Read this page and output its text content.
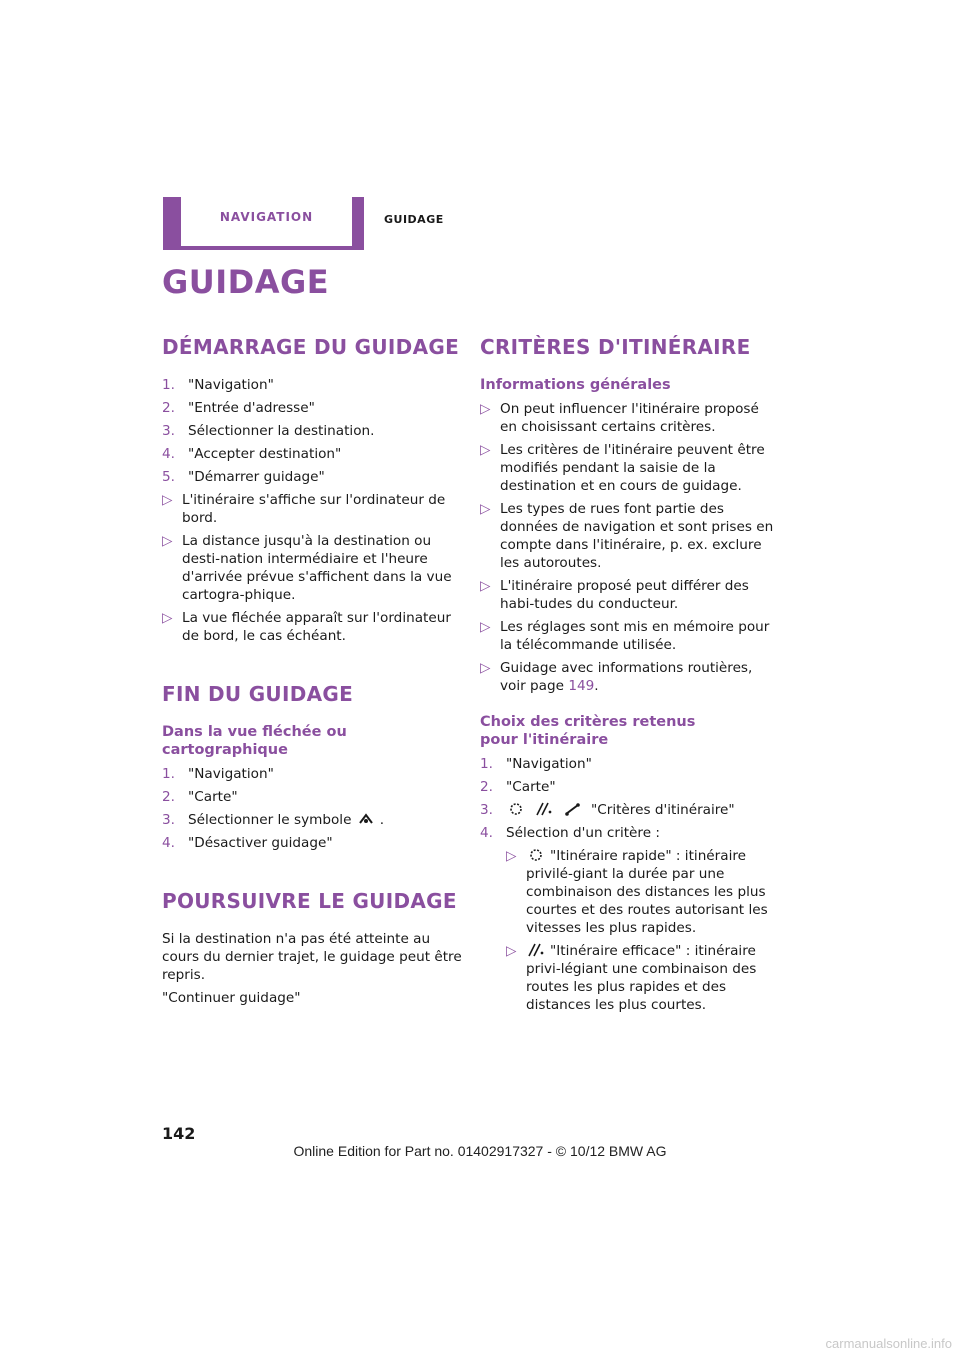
NAVIGATION	GUIDAGE
GUIDAGE
DÉMARRAGE DU GUIDAGE
1. "Navigation"
2. "Entrée d'adresse"
3. Sélectionner la destination.
4. "Accepter destination"
5. "Démarrer guidage"
▷ L'itinéraire s'affiche sur l'ordinateur de bord.
▷ La distance jusqu'à la destination ou desti-nation intermédiaire et l'heure d'arrivée prévue s'affichent dans la vue cartogra-phique.
▷ La vue fléchée apparaît sur l'ordinateur de bord, le cas échéant.
FIN DU GUIDAGE
Dans la vue fléchée ou cartographique
1. "Navigation"
2. "Carte"
3. Sélectionner le symbole .
4. "Désactiver guidage"
POURSUIVRE LE GUIDAGE

Si la destination n'a pas été atteinte au cours du dernier trajet, le guidage peut être repris.

"Continuer guidage"

CRITÈRES D'ITINÉRAIRE
Informations générales
▷ On peut influencer l'itinéraire proposé en choisissant certains critères.
▷ Les critères de l'itinéraire peuvent être modifiés pendant la saisie de la destination et en cours de guidage.
▷ Les types de rues font partie des données de navigation et sont prises en compte dans l'itinéraire, p. ex. exclure les autoroutes.
▷ L'itinéraire proposé peut différer des habi-tudes du conducteur.
▷ Les réglages sont mis en mémoire pour la télécommande utilisée.
▷ Guidage avec informations routières, voir page 149.
Choix des critères retenus
pour l'itinéraire
1. "Navigation"
2. "Carte"
3.	"Critères d'itinéraire"
4. Sélection d'un critère :
▷	"Itinéraire rapide" : itinéraire privilé-giant la durée par une combinaison des distances les plus courtes et des routes autorisant les vitesses les plus rapides.
▷	"Itinéraire efficace" : itinéraire privi-légiant une combinaison des routes les plus rapides et des distances les plus courtes.
142
Online Edition for Part no. 01402917327 - © 10/12 BMW AG
carmanualsonline.info
